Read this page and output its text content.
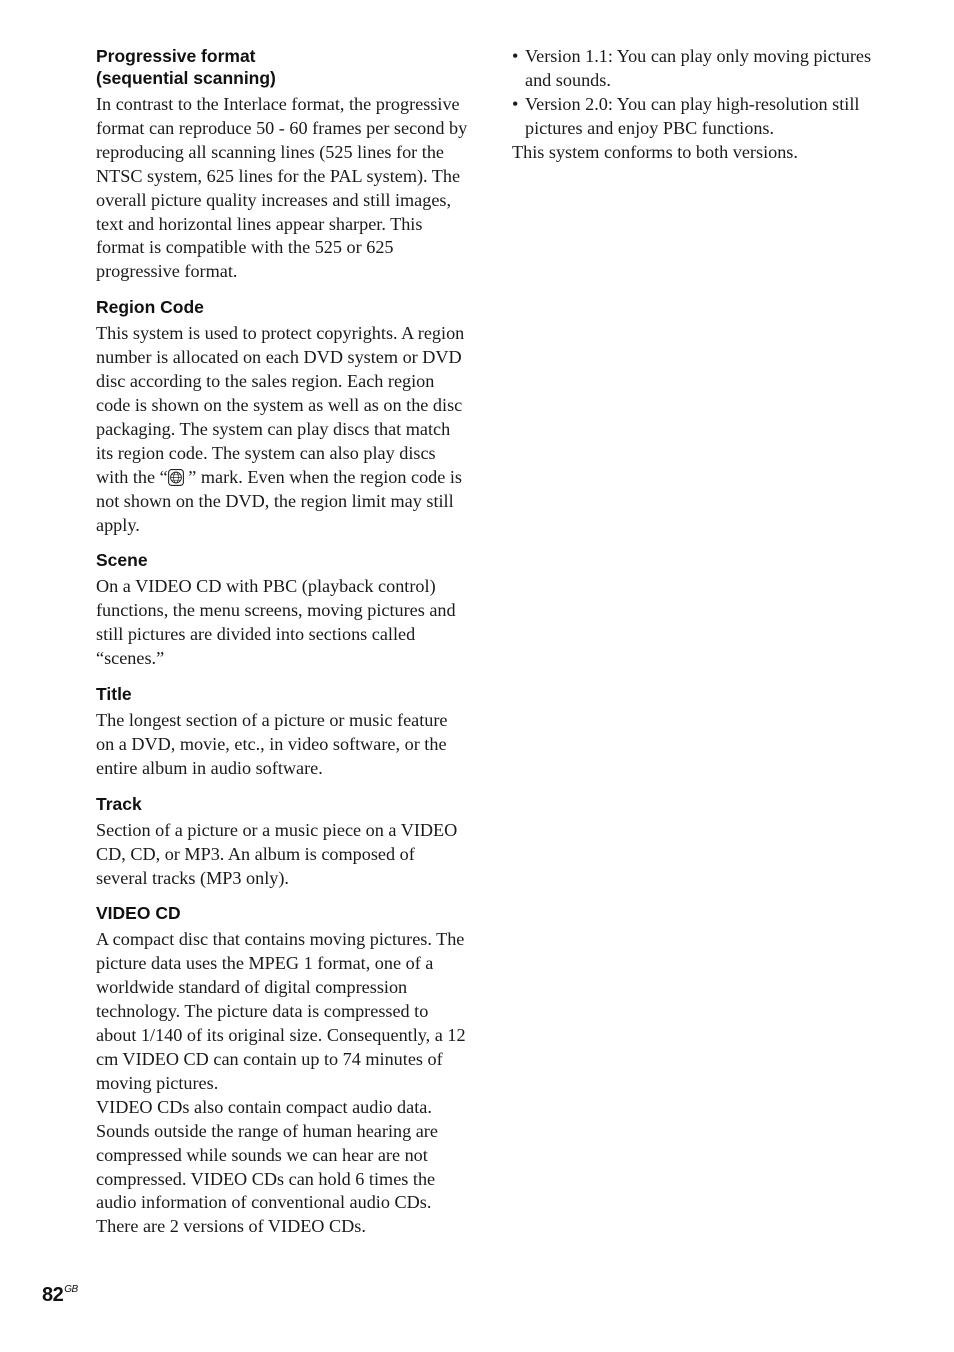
Progressive format
(sequential scanning)

In contrast to the Interlace format, the progressive format can reproduce 50 - 60 frames per second by reproducing all scanning lines (525 lines for the NTSC system, 625 lines for the PAL system). The overall picture quality increases and still images, text and horizontal lines appear sharper. This format is compatible with the 525 or 625 progressive format.

Region Code

This system is used to protect copyrights. A region number is allocated on each DVD system or DVD disc according to the sales region. Each region code is shown on the system as well as on the disc packaging. The system can play discs that match its region code. The system can also play discs with the “ ” mark. Even when the region code is not shown on the DVD, the region limit may still apply.

Scene

On a VIDEO CD with PBC (playback control) functions, the menu screens, moving pictures and still pictures are divided into sections called “scenes.”

Title

The longest section of a picture or music feature on a DVD, movie, etc., in video software, or the entire album in audio software.

Track

Section of a picture or a music piece on a VIDEO CD, CD, or MP3. An album is composed of several tracks (MP3 only).

VIDEO CD

A compact disc that contains moving pictures. The picture data uses the MPEG 1 format, one of a worldwide standard of digital compression technology. The picture data is compressed to about 1/140 of its original size. Consequently, a 12 cm VIDEO CD can contain up to 74 minutes of moving pictures.

VIDEO CDs also contain compact audio data. Sounds outside the range of human hearing are compressed while sounds we can hear are not compressed. VIDEO CDs can hold 6 times the audio information of conventional audio CDs.

There are 2 versions of VIDEO CDs.

• Version 1.1: You can play only moving pictures and sounds.
• Version 2.0: You can play high-resolution still pictures and enjoy PBC functions.

This system conforms to both versions.

$82^{GB}$
